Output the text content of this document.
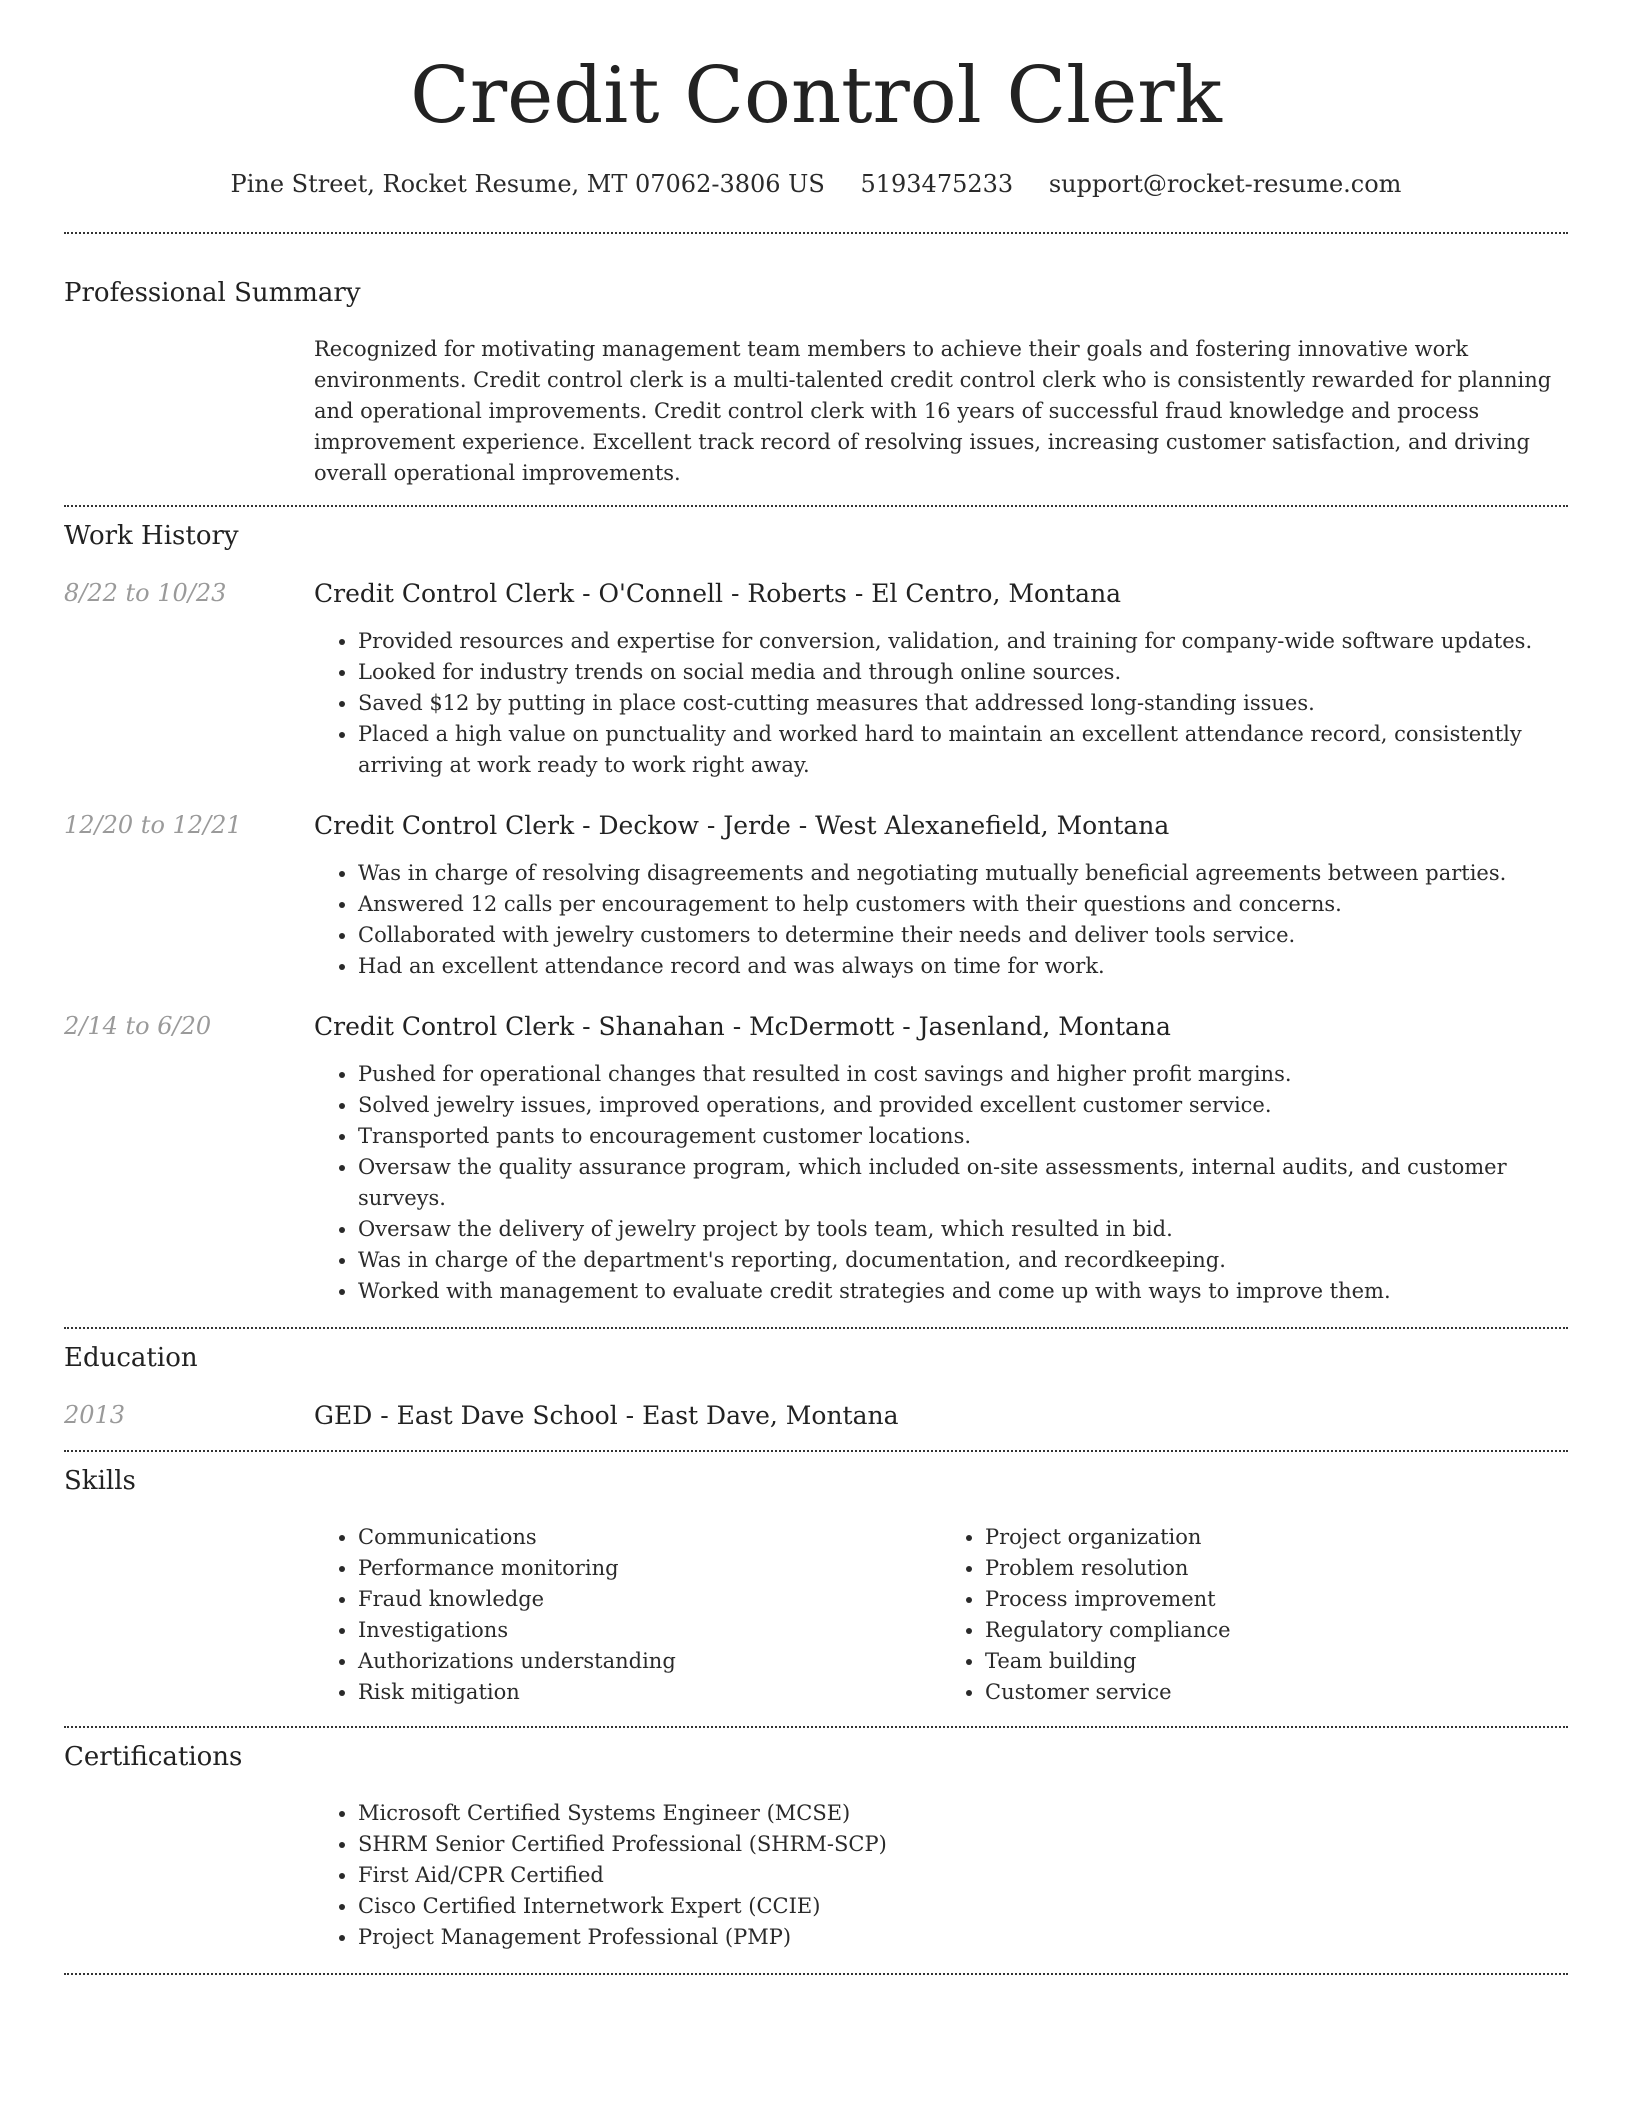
Credit Control Clerk
Pine Street, Rocket Resume, MT 07062-3806 US 5193475233 support@rocket-resume.com
Professional Summary

Recognized for motivating management team members to achieve their goals and fostering innovative work environments. Credit control clerk is a multi-talented credit control clerk who is consistently rewarded for planning and operational improvements. Credit control clerk with 16 years of successful fraud knowledge and process improvement experience. Excellent track record of resolving issues, increasing customer satisfaction, and driving overall operational improvements.

Work History
8/22 to 10/23	Credit Control Clerk - O'Connell - Roberts - El Centro, Montana
• Provided resources and expertise for conversion, validation, and training for company-wide software updates.
• Looked for industry trends on social media and through online sources.
• Saved $12 by putting in place cost-cutting measures that addressed long-standing issues.
• Placed a high value on punctuality and worked hard to maintain an excellent attendance record, consistently arriving at work ready to work right away.
12/20 to 12/21	Credit Control Clerk - Deckow - Jerde - West Alexanefield, Montana
• Was in charge of resolving disagreements and negotiating mutually beneficial agreements between parties.
• Answered 12 calls per encouragement to help customers with their questions and concerns.
• Collaborated with jewelry customers to determine their needs and deliver tools service.
• Had an excellent attendance record and was always on time for work.
2/14 to 6/20	Credit Control Clerk - Shanahan - McDermott - Jasenland, Montana
• Pushed for operational changes that resulted in cost savings and higher profit margins.
• Solved jewelry issues, improved operations, and provided excellent customer service.
• Transported pants to encouragement customer locations.
• Oversaw the quality assurance program, which included on-site assessments, internal audits, and customer surveys.
• Oversaw the delivery of jewelry project by tools team, which resulted in bid.
• Was in charge of the department's reporting, documentation, and recordkeeping.
• Worked with management to evaluate credit strategies and come up with ways to improve them.
Education
2013	GED - East Dave School - East Dave, Montana
Skills
• Communications
• Performance monitoring
• Fraud knowledge
• Investigations
• Authorizations understanding
• Risk mitigation
• Project organization
• Problem resolution
• Process improvement
• Regulatory compliance
• Team building
• Customer service
Certifications
• Microsoft Certified Systems Engineer (MCSE)
• SHRM Senior Certified Professional (SHRM-SCP)
• First Aid/CPR Certified
• Cisco Certified Internetwork Expert (CCIE)
• Project Management Professional (PMP)
